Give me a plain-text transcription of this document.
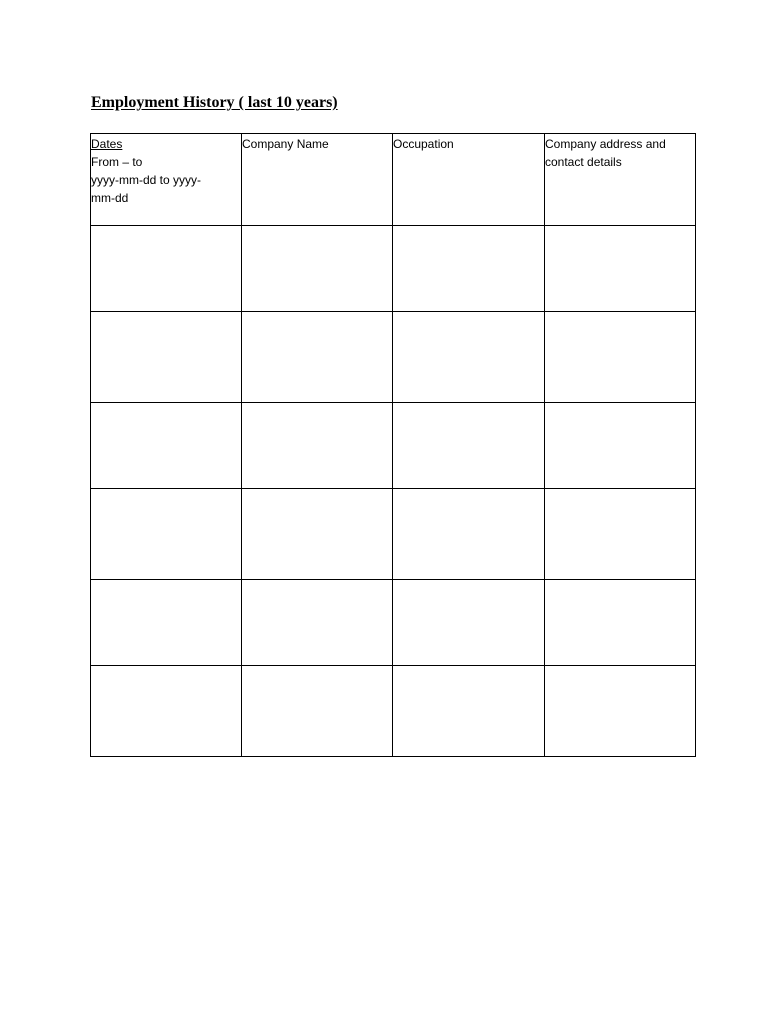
Employment History ( last 10 years)
Dates
From – to
yyyy-mm-dd to yyyy-
mm-dd	Company Name	Occupation	Company address and
contact details
